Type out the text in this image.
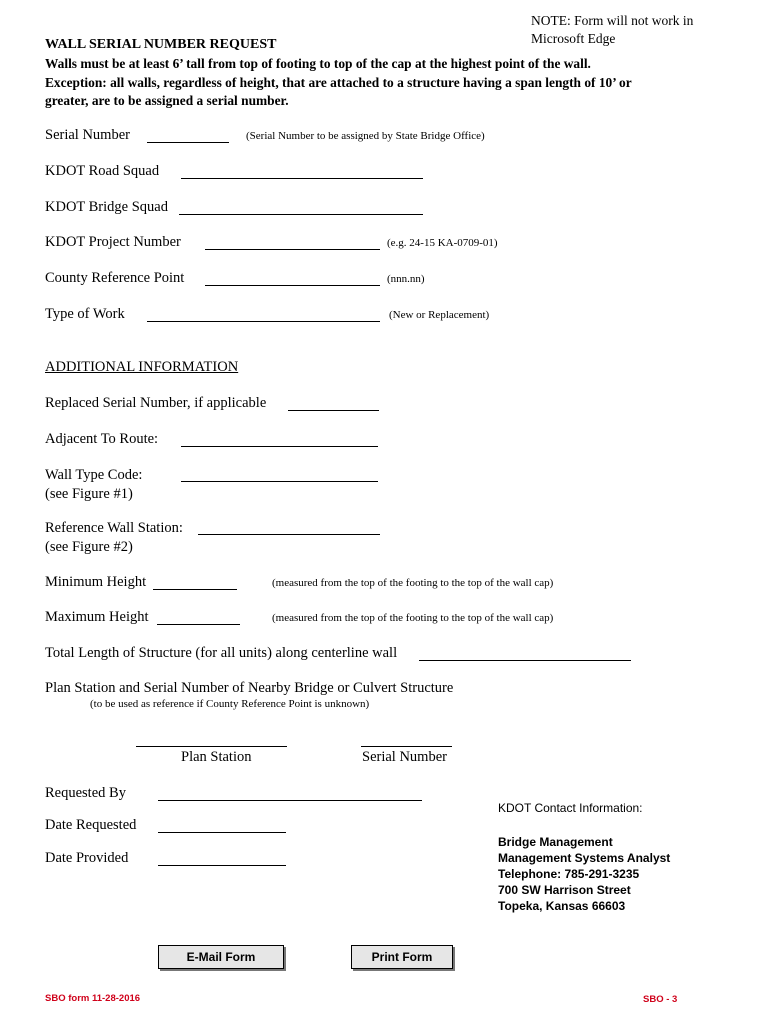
NOTE: Form will not work in
Microsoft Edge
WALL SERIAL NUMBER REQUEST
Walls must be at least 6’ tall from top of footing to top of the cap at the highest point of the wall.
Exception: all walls, regardless of height, that are attached to a structure having a span length of 10’ or
greater, are to be assigned a serial number.
Serial Number	(Serial Number to be assigned by State Bridge Office)
KDOT Road Squad
KDOT Bridge Squad
KDOT Project Number	(e.g. 24-15 KA-0709-01)
County Reference Point	(nnn.nn)
Type of Work	(New or Replacement)
ADDITIONAL INFORMATION
Replaced Serial Number, if applicable
Adjacent To Route:
Wall Type Code:
(see Figure #1)
Reference Wall Station:
(see Figure #2)
Minimum Height	(measured from the top of the footing to the top of the wall cap)
Maximum Height	(measured from the top of the footing to the top of the wall cap)
Total Length of Structure (for all units) along centerline wall
Plan Station and Serial Number of Nearby Bridge or Culvert Structure
(to be used as reference if County Reference Point is unknown)
Plan Station	Serial Number
Requested By
Date Requested
Date Provided
KDOT Contact Information:
Bridge Management
Management Systems Analyst
Telephone: 785-291-3235
700 SW Harrison Street
Topeka, Kansas 66603
E-Mail Form	Print Form
SBO form 11-28-2016	SBO - 3
